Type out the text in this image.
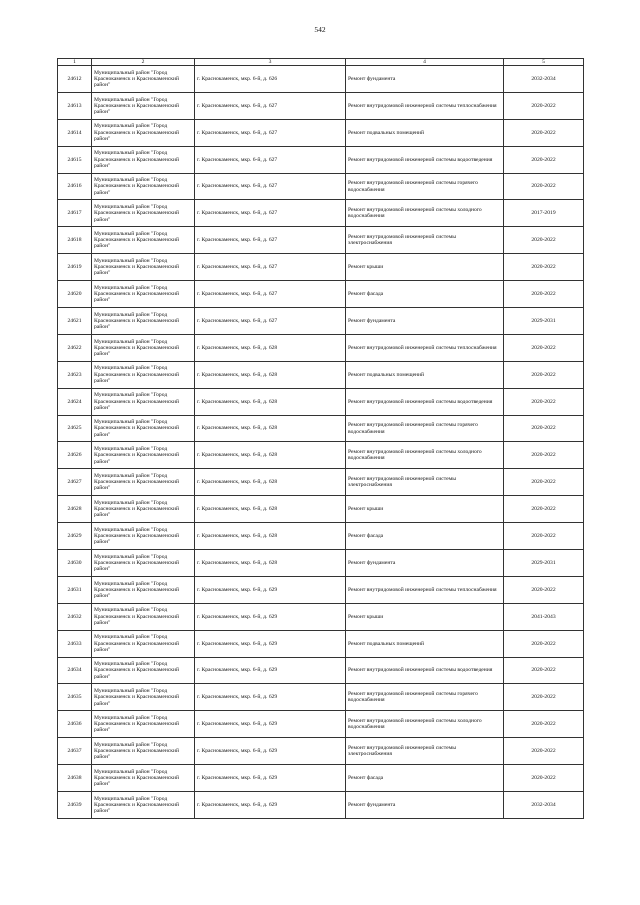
542
1	2	3	4	5
24612	Муниципальный район "Город Краснокаменск и Краснокаменский район"	г. Краснокаменск, мкр. 6-й, д. 626	Ремонт фундамента	2032-2034
24613	Муниципальный район "Город Краснокаменск и Краснокаменский район"	г. Краснокаменск, мкр. 6-й, д. 627	Ремонт внутридомовой инженерной системы теплоснабжения	2020-2022
24614	Муниципальный район "Город Краснокаменск и Краснокаменский район"	г. Краснокаменск, мкр. 6-й, д. 627	Ремонт подвальных помещений	2020-2022
24615	Муниципальный район "Город Краснокаменск и Краснокаменский район"	г. Краснокаменск, мкр. 6-й, д. 627	Ремонт внутридомовой инженерной системы водоотведения	2020-2022
24616	Муниципальный район "Город Краснокаменск и Краснокаменский район"	г. Краснокаменск, мкр. 6-й, д. 627	Ремонт внутридомовой инженерной системы горячего водоснабжения	2020-2022
24617	Муниципальный район "Город Краснокаменск и Краснокаменский район"	г. Краснокаменск, мкр. 6-й, д. 627	Ремонт внутридомовой инженерной системы холодного водоснабжения	2017-2019
24618	Муниципальный район "Город Краснокаменск и Краснокаменский район"	г. Краснокаменск, мкр. 6-й, д. 627	Ремонт внутридомовой инженерной системы электроснабжения	2020-2022
24619	Муниципальный район "Город Краснокаменск и Краснокаменский район"	г. Краснокаменск, мкр. 6-й, д. 627	Ремонт крыши	2020-2022
24620	Муниципальный район "Город Краснокаменск и Краснокаменский район"	г. Краснокаменск, мкр. 6-й, д. 627	Ремонт фасада	2020-2022
24621	Муниципальный район "Город Краснокаменск и Краснокаменский район"	г. Краснокаменск, мкр. 6-й, д. 627	Ремонт фундамента	2029-2031
24622	Муниципальный район "Город Краснокаменск и Краснокаменский район"	г. Краснокаменск, мкр. 6-й, д. 628	Ремонт внутридомовой инженерной системы теплоснабжения	2020-2022
24623	Муниципальный район "Город Краснокаменск и Краснокаменский район"	г. Краснокаменск, мкр. 6-й, д. 628	Ремонт подвальных помещений	2020-2022
24624	Муниципальный район "Город Краснокаменск и Краснокаменский район"	г. Краснокаменск, мкр. 6-й, д. 628	Ремонт внутридомовой инженерной системы водоотведения	2020-2022
24625	Муниципальный район "Город Краснокаменск и Краснокаменский район"	г. Краснокаменск, мкр. 6-й, д. 628	Ремонт внутридомовой инженерной системы горячего водоснабжения	2020-2022
24626	Муниципальный район "Город Краснокаменск и Краснокаменский район"	г. Краснокаменск, мкр. 6-й, д. 628	Ремонт внутридомовой инженерной системы холодного водоснабжения	2020-2022
24627	Муниципальный район "Город Краснокаменск и Краснокаменский район"	г. Краснокаменск, мкр. 6-й, д. 628	Ремонт внутридомовой инженерной системы электроснабжения	2020-2022
24628	Муниципальный район "Город Краснокаменск и Краснокаменский район"	г. Краснокаменск, мкр. 6-й, д. 628	Ремонт крыши	2020-2022
24629	Муниципальный район "Город Краснокаменск и Краснокаменский район"	г. Краснокаменск, мкр. 6-й, д. 628	Ремонт фасада	2020-2022
24630	Муниципальный район "Город Краснокаменск и Краснокаменский район"	г. Краснокаменск, мкр. 6-й, д. 628	Ремонт фундамента	2029-2031
24631	Муниципальный район "Город Краснокаменск и Краснокаменский район"	г. Краснокаменск, мкр. 6-й, д. 629	Ремонт внутридомовой инженерной системы теплоснабжения	2020-2022
24632	Муниципальный район "Город Краснокаменск и Краснокаменский район"	г. Краснокаменск, мкр. 6-й, д. 629	Ремонт крыши	2041-2043
24633	Муниципальный район "Город Краснокаменск и Краснокаменский район"	г. Краснокаменск, мкр. 6-й, д. 629	Ремонт подвальных помещений	2020-2022
24634	Муниципальный район "Город Краснокаменск и Краснокаменский район"	г. Краснокаменск, мкр. 6-й, д. 629	Ремонт внутридомовой инженерной системы водоотведения	2020-2022
24635	Муниципальный район "Город Краснокаменск и Краснокаменский район"	г. Краснокаменск, мкр. 6-й, д. 629	Ремонт внутридомовой инженерной системы горячего водоснабжения	2020-2022
24636	Муниципальный район "Город Краснокаменск и Краснокаменский район"	г. Краснокаменск, мкр. 6-й, д. 629	Ремонт внутридомовой инженерной системы холодного водоснабжения	2020-2022
24637	Муниципальный район "Город Краснокаменск и Краснокаменский район"	г. Краснокаменск, мкр. 6-й, д. 629	Ремонт внутридомовой инженерной системы электроснабжения	2020-2022
24638	Муниципальный район "Город Краснокаменск и Краснокаменский район"	г. Краснокаменск, мкр. 6-й, д. 629	Ремонт фасада	2020-2022
24639	Муниципальный район "Город Краснокаменск и Краснокаменский район"	г. Краснокаменск, мкр. 6-й, д. 629	Ремонт фундамента	2032-2034
